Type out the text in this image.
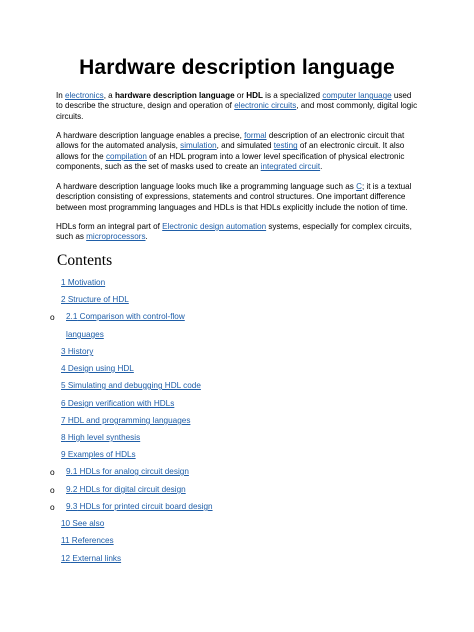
Hardware description language
In electronics, a hardware description language or HDL is a specialized computer language used to describe the structure, design and operation of electronic circuits, and most commonly, digital logic circuits.
A hardware description language enables a precise, formal description of an electronic circuit that allows for the automated analysis, simulation, and simulated testing of an electronic circuit. It also allows for the compilation of an HDL program into a lower level specification of physical electronic components, such as the set of masks used to create an integrated circuit.
A hardware description language looks much like a programming language such as C; it is a textual description consisting of expressions, statements and control structures. One important difference between most programming languages and HDLs is that HDLs explicitly include the notion of time.
HDLs form an integral part of Electronic design automation systems, especially for complex circuits, such as microprocessors.
Contents
1 Motivation
2 Structure of HDL
o 2.1 Comparison with control-flow
languages
3 History
4 Design using HDL
5 Simulating and debugging HDL code
6 Design verification with HDLs
7 HDL and programming languages
8 High level synthesis
9 Examples of HDLs
o 9.1 HDLs for analog circuit design
o 9.2 HDLs for digital circuit design
o 9.3 HDLs for printed circuit board design
10 See also
11 References
12 External links
